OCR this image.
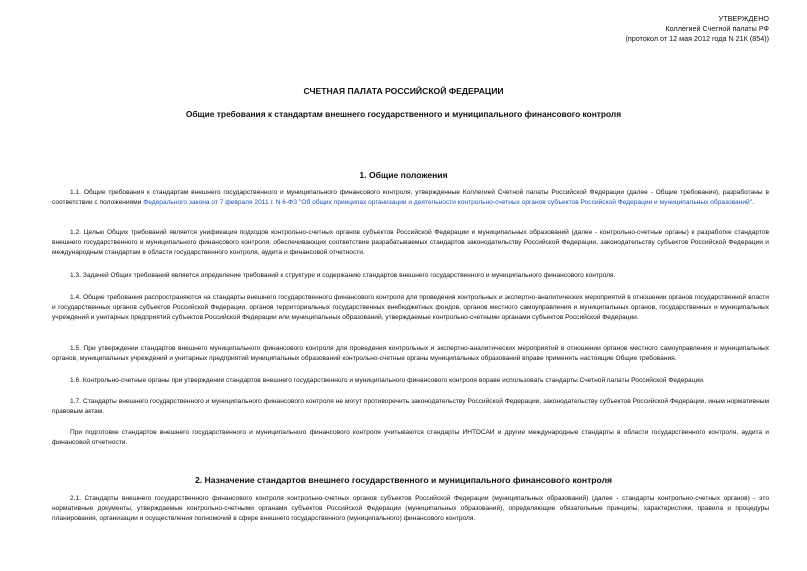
УТВЕРЖДЕНО
Коллегией Счетной палаты РФ
(протокол от 12 мая 2012 года N 21К (854))
СЧЕТНАЯ ПАЛАТА РОССИЙСКОЙ ФЕДЕРАЦИИ
Общие требования к стандартам внешнего государственного и муниципального финансового контроля
1. Общие положения
1.1. Общие требования к стандартам внешнего государственного и муниципального финансового контроля, утвержденные Коллегией Счетной палаты Российской Федерации (далее - Общие требования), разработаны в соответствии с положениями Федерального закона от 7 февраля 2011 г. N 6-ФЗ "Об общих принципах организации и деятельности контрольно-счетных органов субъектов Российской Федерации и муниципальных образований".
1.2. Целью Общих требований является унификация подходов контрольно-счетных органов субъектов Российской Федерации и муниципальных образований (далее - контрольно-счетные органы) к разработке стандартов внешнего государственного и муниципального финансового контроля, обеспечивающих соответствие разрабатываемых стандартов законодательству Российской Федерации, законодательству субъектов Российской Федерации и международным стандартам в области государственного контроля, аудита и финансовой отчетности.
1.3. Задачей Общих требований является определение требований к структуре и содержанию стандартов внешнего государственного и муниципального финансового контроля.
1.4. Общие требования распространяются на стандарты внешнего государственного финансового контроля для проведения контрольных и экспертно-аналитических мероприятий в отношении органов государственной власти и государственных органов субъектов Российской Федерации, органов территориальных государственных внебюджетных фондов, органов местного самоуправления и муниципальных органов, государственных и муниципальных учреждений и унитарных предприятий субъектов Российской Федерации или муниципальных образований, утверждаемые контрольно-счетными органами субъектов Российской Федерации.
1.5. При утверждении стандартов внешнего муниципального финансового контроля для проведения контрольных и экспертно-аналитических мероприятий в отношении органов местного самоуправления и муниципальных органов, муниципальных учреждений и унитарных предприятий муниципальных образований контрольно-счетные органы муниципальных образований вправе применять настоящие Общие требования.
1.6. Контрольно-счетные органы при утверждении стандартов внешнего государственного и муниципального финансового контроля вправе использовать стандарты Счетной палаты Российской Федерации.
1.7. Стандарты внешнего государственного и муниципального финансового контроля не могут противоречить законодательству Российской Федерации, законодательству субъектов Российской Федерации, иным нормативным правовым актам.
При подготовке стандартов внешнего государственного и муниципального финансового контроля учитываются стандарты ИНТОСАИ и другие международные стандарты в области государственного контроля, аудита и финансовой отчетности.
2. Назначение стандартов внешнего государственного и муниципального финансового контроля
2.1. Стандарты внешнего государственного финансового контроля контрольно-счетных органов субъектов Российской Федерации (муниципальных образований) (далее - стандарты контрольно-счетных органов) - это нормативные документы, утверждаемые контрольно-счетными органами субъектов Российской Федерации (муниципальных образований), определяющие обязательные принципы, характеристики, правила и процедуры планирования, организации и осуществления полномочий в сфере внешнего государственного (муниципального) финансового контроля.
